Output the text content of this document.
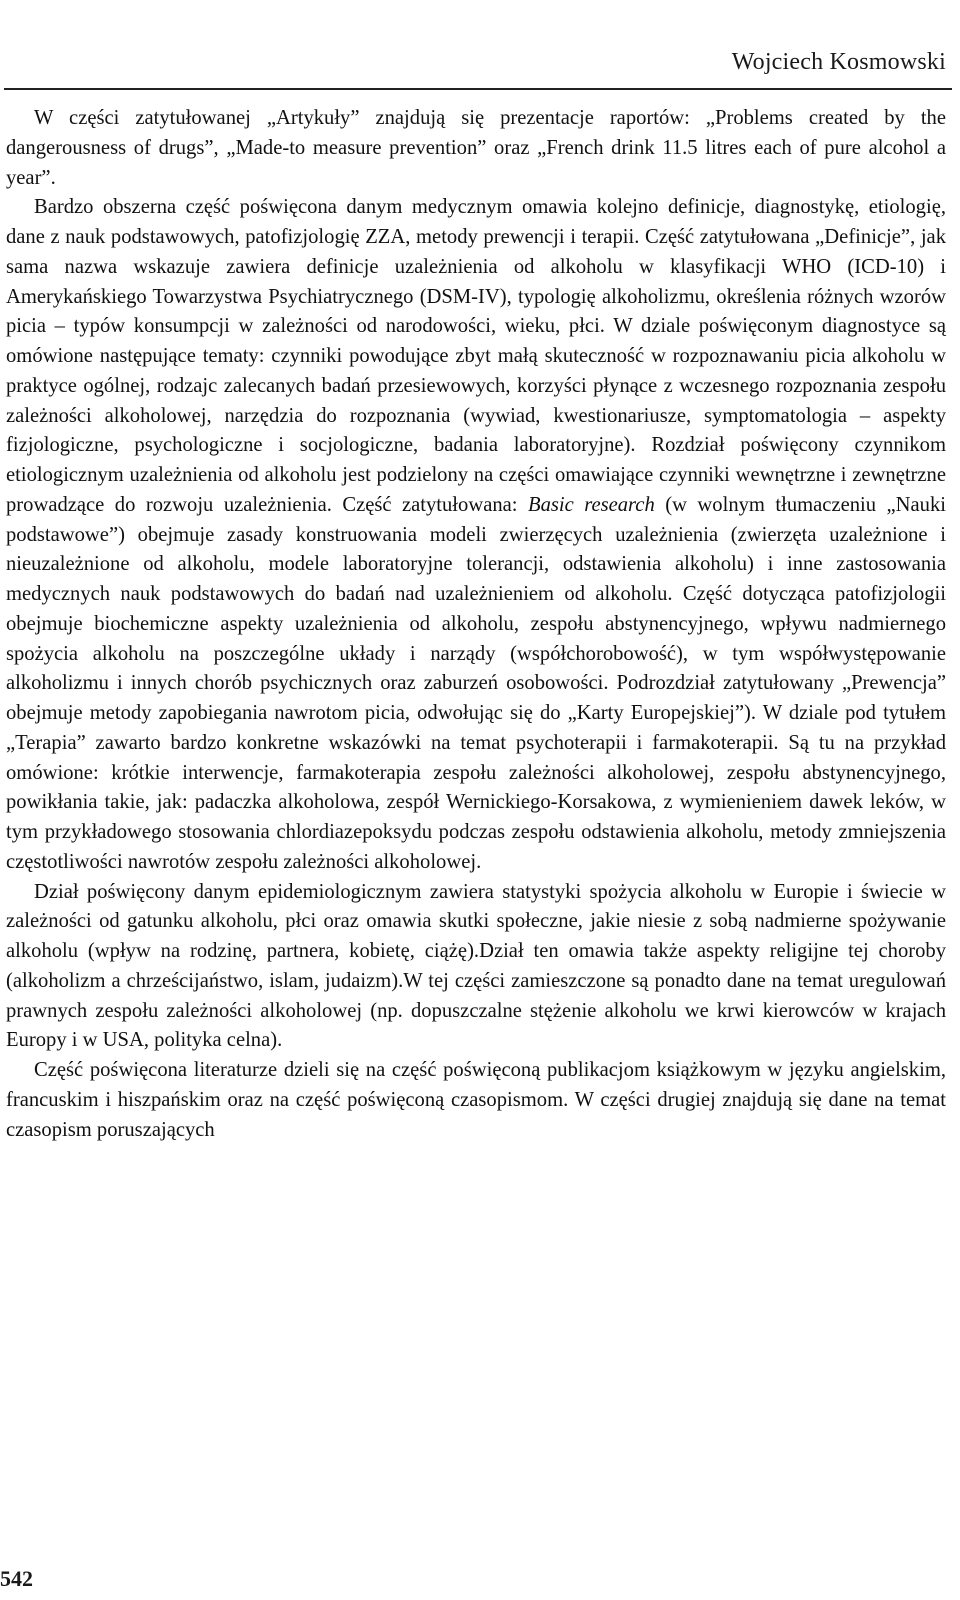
Wojciech Kosmowski

W części zatytułowanej „Artykuły” znajdują się prezentacje raportów: „Problems created by the dangerousness of drugs”, „Made-to measure prevention” oraz „French drink 11.5 litres each of pure alcohol a year”.

Bardzo obszerna część poświęcona danym medycznym omawia kolejno definicje, diagnostykę, etiologię, dane z nauk podstawowych, patofizjologię ZZA, metody prewencji i terapii. Część zatytułowana „Definicje”, jak sama nazwa wskazuje zawiera definicje uzależnienia od alkoholu w klasyfikacji WHO (ICD-10) i Amerykańskiego Towarzystwa Psychiatrycznego (DSM-IV), typologię alkoholizmu, określenia różnych wzorów picia – typów konsumpcji w zależności od narodowości, wieku, płci. W dziale poświęconym diagnostyce są omówione następujące tematy: czynniki powodujące zbyt małą skuteczność w rozpoznawaniu picia alkoholu w praktyce ogólnej, rodzajc zalecanych badań przesiewowych, korzyści płynące z wczesnego rozpoznania zespołu zależności alkoholowej, narzędzia do rozpoznania (wywiad, kwestionariusze, symptomatologia – aspekty fizjologiczne, psychologiczne i socjologiczne, badania laboratoryjne). Rozdział poświęcony czynnikom etiologicznym uzależnienia od alkoholu jest podzielony na części omawiające czynniki wewnętrzne i zewnętrzne prowadzące do rozwoju uzależnienia. Część zatytułowana: Basic research (w wolnym tłumaczeniu „Nauki podstawowe”) obejmuje zasady konstruowania modeli zwierzęcych uzależnienia (zwierzęta uzależnione i nieuzależnione od alkoholu, modele laboratoryjne tolerancji, odstawienia alkoholu) i inne zastosowania medycznych nauk podstawowych do badań nad uzależnieniem od alkoholu. Część dotycząca patofizjologii obejmuje biochemiczne aspekty uzależnienia od alkoholu, zespołu abstynencyjnego, wpływu nadmiernego spożycia alkoholu na poszczególne układy i narządy (współchorobowość), w tym współwystępowanie alkoholizmu i innych chorób psychicznych oraz zaburzeń osobowości. Podrozdział zatytułowany „Prewencja” obejmuje metody zapobiegania nawrotom picia, odwołując się do „Karty Europejskiej”). W dziale pod tytułem „Terapia” zawarto bardzo konkretne wskazówki na temat psychoterapii i farmakoterapii. Są tu na przykład omówione: krótkie interwencje, farmakoterapia zespołu zależności alkoholowej, zespołu abstynencyjnego, powikłania takie, jak: padaczka alkoholowa, zespół Wernickiego-Korsakowa, z wymienieniem dawek leków, w tym przykładowego stosowania chlordiazepoksydu podczas zespołu odstawienia alkoholu, metody zmniejszenia częstotliwości nawrotów zespołu zależności alkoholowej.

Dział poświęcony danym epidemiologicznym zawiera statystyki spożycia alkoholu w Europie i świecie w zależności od gatunku alkoholu, płci oraz omawia skutki społeczne, jakie niesie z sobą nadmierne spożywanie alkoholu (wpływ na rodzinę, partnera, kobietę, ciążę).Dział ten omawia także aspekty religijne tej choroby (alkoholizm a chrześcijaństwo, islam, judaizm).W tej części zamieszczone są ponadto dane na temat uregulowań prawnych zespołu zależności alkoholowej (np. dopuszczalne stężenie alkoholu we krwi kierowców w krajach Europy i w USA, polityka celna).

Część poświęcona literaturze dzieli się na część poświęconą publikacjom książkowym w języku angielskim, francuskim i hiszpańskim oraz na część poświęconą czasopismom. W części drugiej znajdują się dane na temat czasopism poruszających

542
